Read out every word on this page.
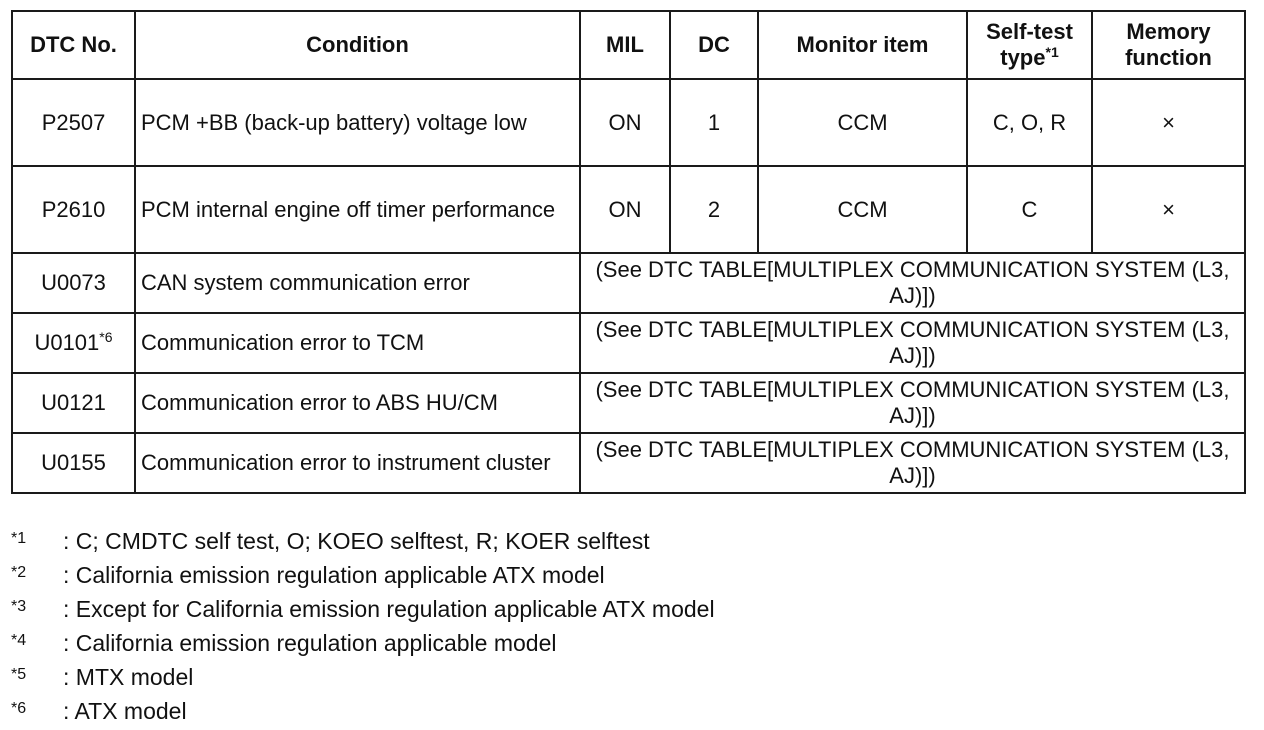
DTC No.	Condition	MIL	DC	Monitor item	Self-test type$^{*1}$	Memory function
P2507	PCM +BB (back-up battery) voltage low	ON	1	CCM	C, O, R	×
P2610	PCM internal engine off timer performance	ON	2	CCM	C	×
U0073	CAN system communication error	(See DTC TABLE[MULTIPLEX COMMUNICATION SYSTEM (L3, AJ)])				
U0101$^{*6}$	Communication error to TCM	(See DTC TABLE[MULTIPLEX COMMUNICATION SYSTEM (L3, AJ)])				
U0121	Communication error to ABS HU/CM	(See DTC TABLE[MULTIPLEX COMMUNICATION SYSTEM (L3, AJ)])				
U0155	Communication error to instrument cluster	(See DTC TABLE[MULTIPLEX COMMUNICATION SYSTEM (L3, AJ)])				
*1	: C; CMDTC self test, O; KOEO selftest, R; KOER selftest
*2	: California emission regulation applicable ATX model
*3	: Except for California emission regulation applicable ATX model
*4	: California emission regulation applicable model
*5	: MTX model
*6	: ATX model
